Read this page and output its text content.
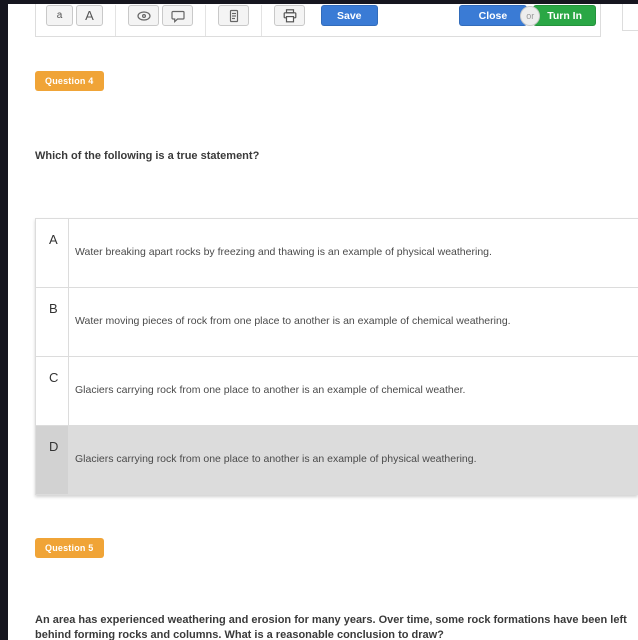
a A	Save	Close or Turn In
Question 4

Which of the following is a true statement?

A
Water breaking apart rocks by freezing and thawing is an example of physical weathering.
B
Water moving pieces of rock from one place to another is an example of chemical weathering.
C
Glaciers carrying rock from one place to another is an example of chemical weather.
D
Glaciers carrying rock from one place to another is an example of physical weathering.
Question 5

An area has experienced weathering and erosion for many years. Over time, some rock formations have been left behind forming rocks and columns. What is a reasonable conclusion to draw?
